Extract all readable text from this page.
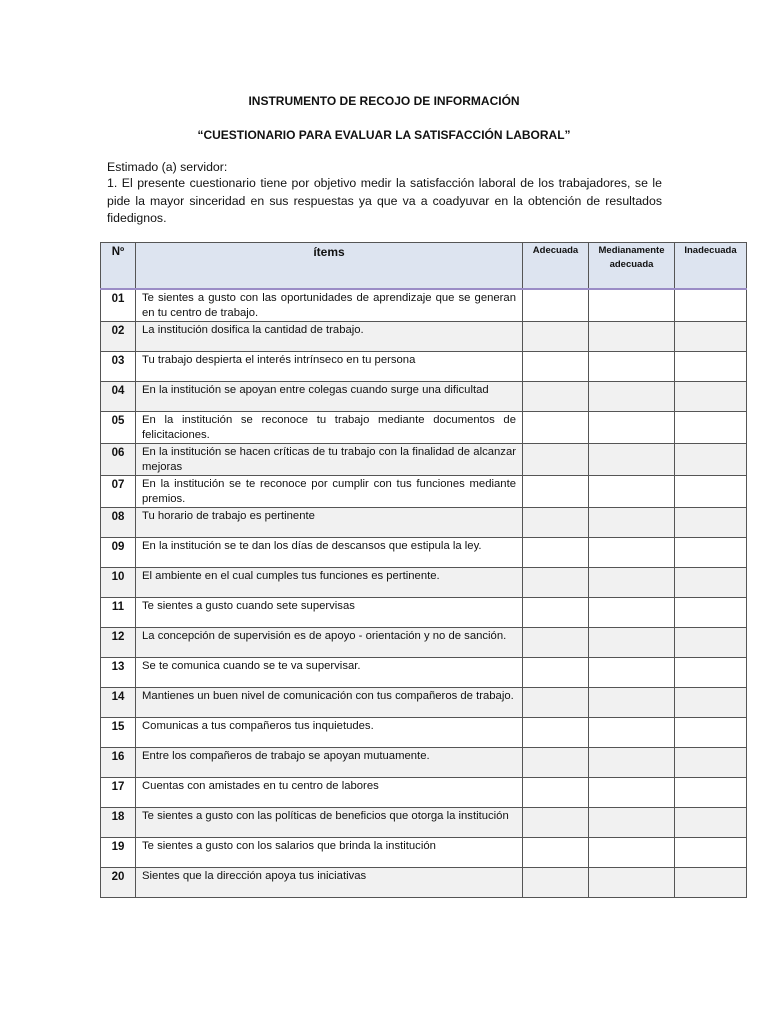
INSTRUMENTO DE RECOJO DE INFORMACIÓN
“CUESTIONARIO PARA EVALUAR LA SATISFACCIÓN LABORAL”
Estimado (a) servidor:
1. El presente cuestionario tiene por objetivo medir la satisfacción laboral de los trabajadores, se le pide la mayor sinceridad en sus respuestas ya que va a coadyuvar en la obtención de resultados fidedignos.
Nº	ítems	Adecuada	Medianamente adecuada	Inadecuada
01	Te sientes a gusto con las oportunidades de aprendizaje que se generan en tu centro de trabajo.			
02	La institución dosifica la cantidad de trabajo.			
03	Tu trabajo despierta el interés intrínseco en tu persona			
04	En la institución se apoyan entre colegas cuando surge una dificultad			
05	En la institución se reconoce tu trabajo mediante documentos de felicitaciones.			
06	En la institución se hacen críticas de tu trabajo con la finalidad de alcanzar mejoras			
07	En la institución se te reconoce por cumplir con tus funciones mediante premios.			
08	Tu horario de trabajo es pertinente			
09	En la institución se te dan los días de descansos que estipula la ley.			
10	El ambiente en el cual cumples tus funciones es pertinente.			
11	Te sientes a gusto cuando sete supervisas			
12	La concepción de supervisión es de apoyo - orientación y no de sanción.			
13	Se te comunica cuando se te va supervisar.			
14	Mantienes un buen nivel de comunicación con tus compañeros de trabajo.			
15	Comunicas a tus compañeros tus inquietudes.			
16	Entre los compañeros de trabajo se apoyan mutuamente.			
17	Cuentas con amistades en tu centro de labores			
18	Te sientes a gusto con las políticas de beneficios que otorga la institución			
19	Te sientes a gusto con los salarios que brinda la institución			
20	Sientes que la dirección apoya tus iniciativas			
